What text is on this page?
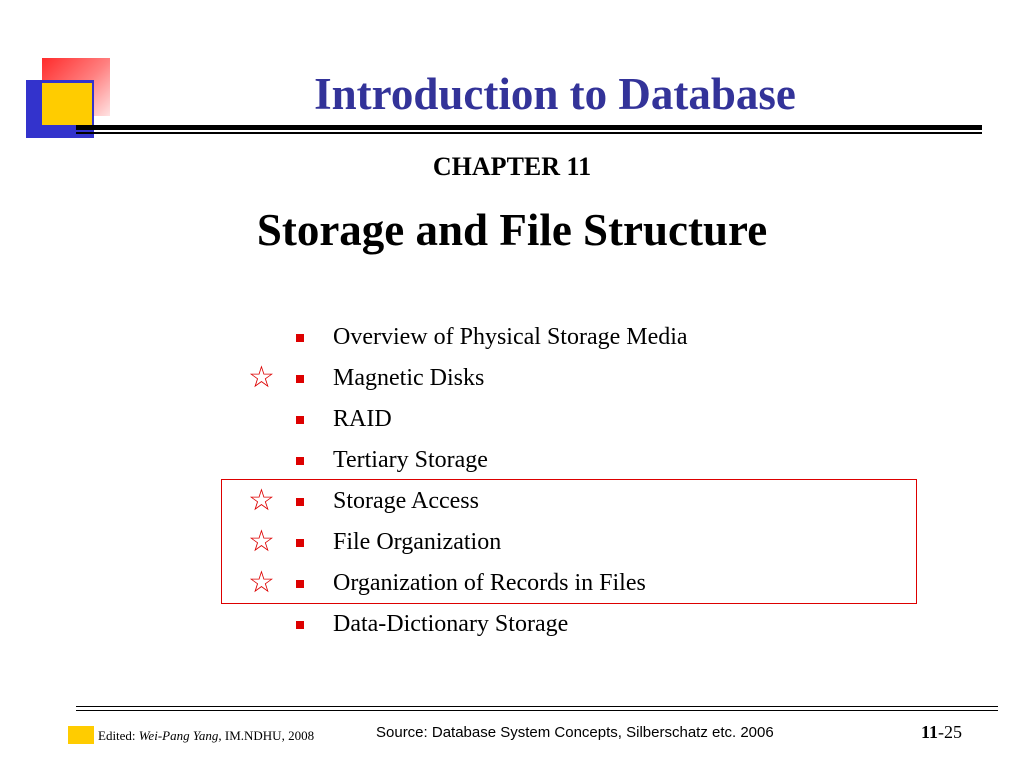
Introduction to Database
CHAPTER 11
Storage and File Structure
Overview of Physical Storage Media
☆ Magnetic Disks
RAID
Tertiary Storage
☆ Storage Access
☆ File Organization
☆ Organization of Records in Files
Data-Dictionary Storage
Edited: Wei-Pang Yang, IM.NDHU, 2008	Source: Database System Concepts, Silberschatz etc. 2006	11-25
